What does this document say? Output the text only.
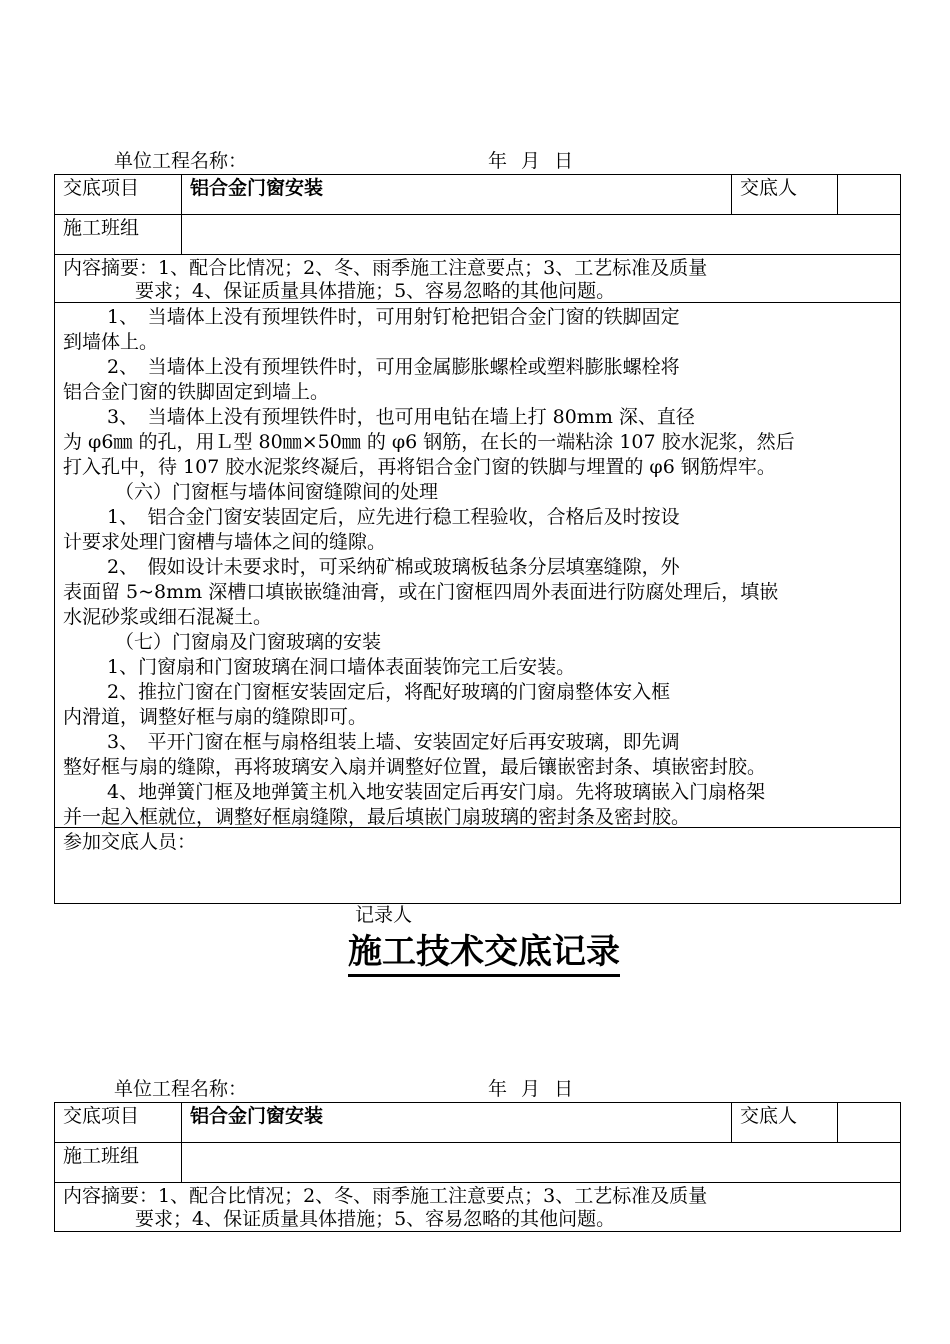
单位工程名称：	年 月 日
交底项目	铝合金门窗安装	交底人
施工班组
内容摘要：1、配合比情况；2、冬、雨季施工注意要点；3、工艺标准及质量
要求；4、保证质量具体措施；5、容易忽略的其他问题。

1、　当墙体上没有预埋铁件时，可用射钉枪把铝合金门窗的铁脚固定

到墙体上。

2、　当墙体上没有预埋铁件时，可用金属膨胀螺栓或塑料膨胀螺栓将

铝合金门窗的铁脚固定到墙上。

3、　当墙体上没有预埋铁件时，也可用电钻在墙上打 80mm 深、直径

为 φ6㎜ 的孔，用Ｌ型 80㎜×50㎜ 的 φ6 钢筋，在长的一端粘涂 107 胶水泥浆，然后

打入孔中，待 107 胶水泥浆终凝后，再将铝合金门窗的铁脚与埋置的 φ6 钢筋焊牢。

（六）门窗框与墙体间窗缝隙间的处理

1、　铝合金门窗安装固定后，应先进行稳工程验收，合格后及时按设

计要求处理门窗槽与墙体之间的缝隙。

2、　假如设计未要求时，可采纳矿棉或玻璃板毡条分层填塞缝隙，外

表面留 5~8mm 深槽口填嵌嵌缝油膏，或在门窗框四周外表面进行防腐处理后，填嵌

水泥砂浆或细石混凝土。

（七）门窗扇及门窗玻璃的安装

1、门窗扇和门窗玻璃在洞口墙体表面装饰完工后安装。

2、推拉门窗在门窗框安装固定后，将配好玻璃的门窗扇整体安入框

内滑道，调整好框与扇的缝隙即可。

3、　平开门窗在框与扇格组装上墙、安装固定好后再安玻璃，即先调

整好框与扇的缝隙，再将玻璃安入扇并调整好位置，最后镶嵌密封条、填嵌密封胶。

4、地弹簧门框及地弹簧主机入地安装固定后再安门扇。先将玻璃嵌入门扇格架

并一起入框就位，调整好框扇缝隙，最后填嵌门扇玻璃的密封条及密封胶。

参加交底人员：
记录人
施工技术交底记录
单位工程名称：	年 月 日
交底项目	铝合金门窗安装	交底人
施工班组
内容摘要：1、配合比情况；2、冬、雨季施工注意要点；3、工艺标准及质量
要求；4、保证质量具体措施；5、容易忽略的其他问题。
